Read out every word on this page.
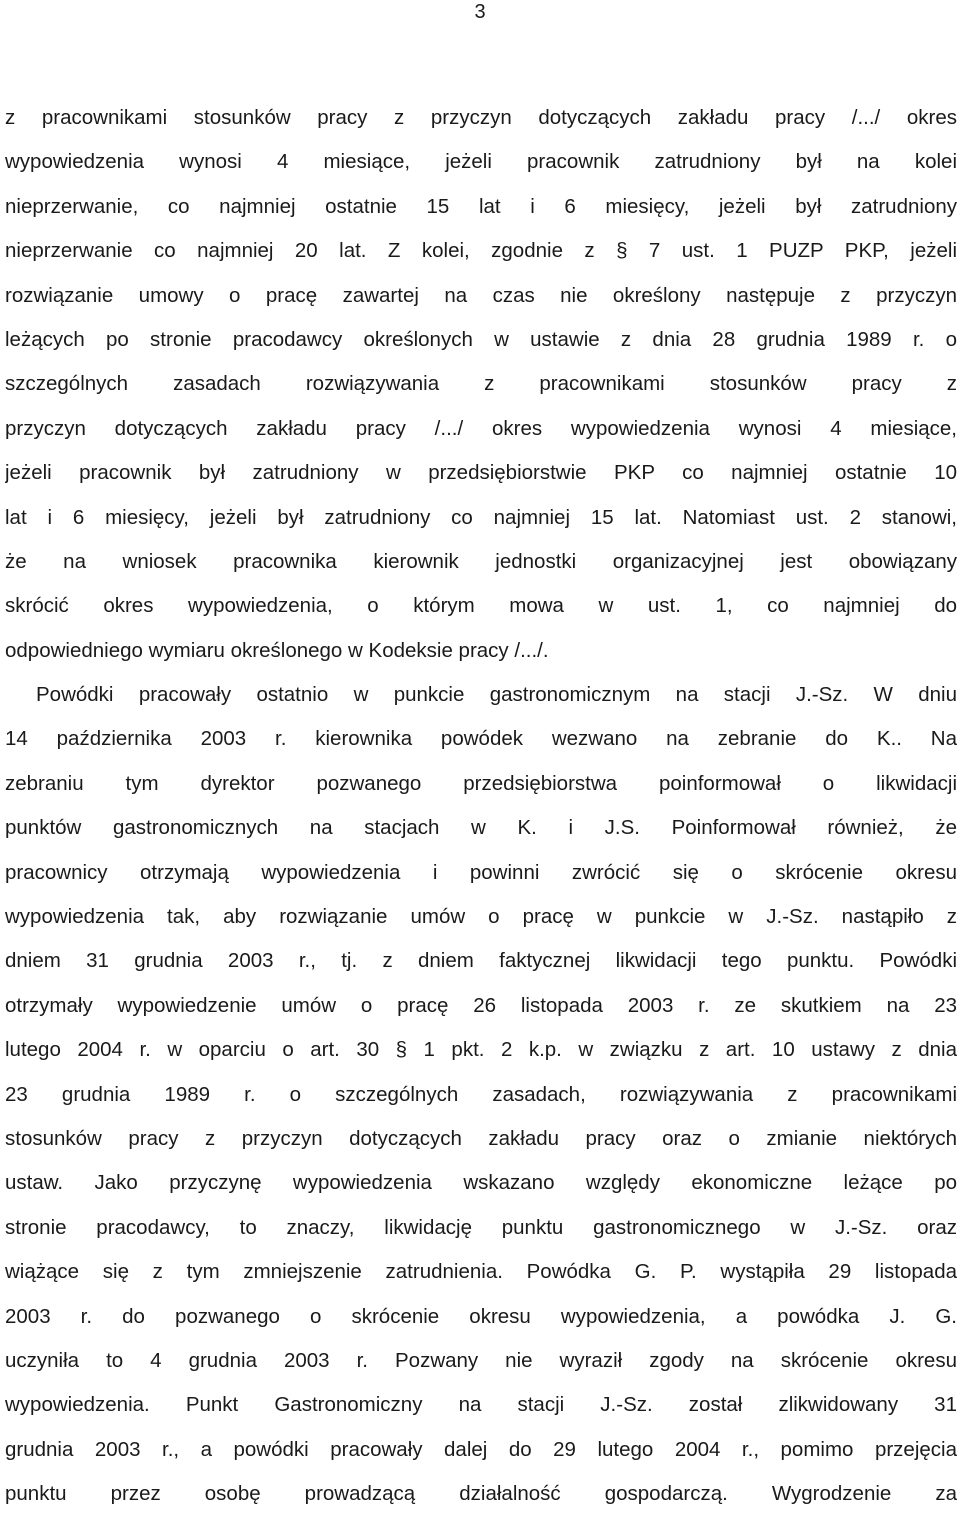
3
z pracownikami stosunków pracy z przyczyn dotyczących zakładu pracy /.../ okres
wypowiedzenia wynosi 4 miesiące, jeżeli pracownik zatrudniony był na kolei
nieprzerwanie, co najmniej ostatnie 15 lat i 6 miesięcy, jeżeli był zatrudniony
nieprzerwanie co najmniej 20 lat. Z kolei, zgodnie z § 7 ust. 1 PUZP PKP, jeżeli
rozwiązanie umowy o pracę zawartej na czas nie określony następuje z przyczyn
leżących po stronie pracodawcy określonych w ustawie z dnia 28 grudnia 1989 r. o
szczególnych zasadach rozwiązywania z pracownikami stosunków pracy z
przyczyn dotyczących zakładu pracy /.../ okres wypowiedzenia wynosi 4 miesiące,
jeżeli pracownik był zatrudniony w przedsiębiorstwie PKP co najmniej ostatnie 10
lat i 6 miesięcy, jeżeli był zatrudniony co najmniej 15 lat. Natomiast ust. 2 stanowi,
że na wniosek pracownika kierownik jednostki organizacyjnej jest obowiązany
skrócić okres wypowiedzenia, o którym mowa w ust. 1, co najmniej do
odpowiedniego wymiaru określonego w Kodeksie pracy /.../.
Powódki pracowały ostatnio w punkcie gastronomicznym na stacji J.-Sz. W dniu
14 października 2003 r. kierownika powódek wezwano na zebranie do K.. Na
zebraniu tym dyrektor pozwanego przedsiębiorstwa poinformował o likwidacji
punktów gastronomicznych na stacjach w K. i J.S. Poinformował również, że
pracownicy otrzymają wypowiedzenia i powinni zwrócić się o skrócenie okresu
wypowiedzenia tak, aby rozwiązanie umów o pracę w punkcie w J.-Sz. nastąpiło z
dniem 31 grudnia 2003 r., tj. z dniem faktycznej likwidacji tego punktu. Powódki
otrzymały wypowiedzenie umów o pracę 26 listopada 2003 r. ze skutkiem na 23
lutego 2004 r. w oparciu o art. 30 § 1 pkt. 2 k.p. w związku z art. 10 ustawy z dnia
23 grudnia 1989 r. o szczególnych zasadach, rozwiązywania z pracownikami
stosunków pracy z przyczyn dotyczących zakładu pracy oraz o zmianie niektórych
ustaw. Jako przyczynę wypowiedzenia wskazano względy ekonomiczne leżące po
stronie pracodawcy, to znaczy, likwidację punktu gastronomicznego w J.-Sz. oraz
wiążące się z tym zmniejszenie zatrudnienia. Powódka G. P. wystąpiła 29 listopada
2003 r. do pozwanego o skrócenie okresu wypowiedzenia, a powódka J. G.
uczyniła to 4 grudnia 2003 r. Pozwany nie wyraził zgody na skrócenie okresu
wypowiedzenia. Punkt Gastronomiczny na stacji J.-Sz. został zlikwidowany 31
grudnia 2003 r., a powódki pracowały dalej do 29 lutego 2004 r., pomimo przejęcia
punktu przez osobę prowadzącą działalność gospodarczą. Wygrodzenie za
